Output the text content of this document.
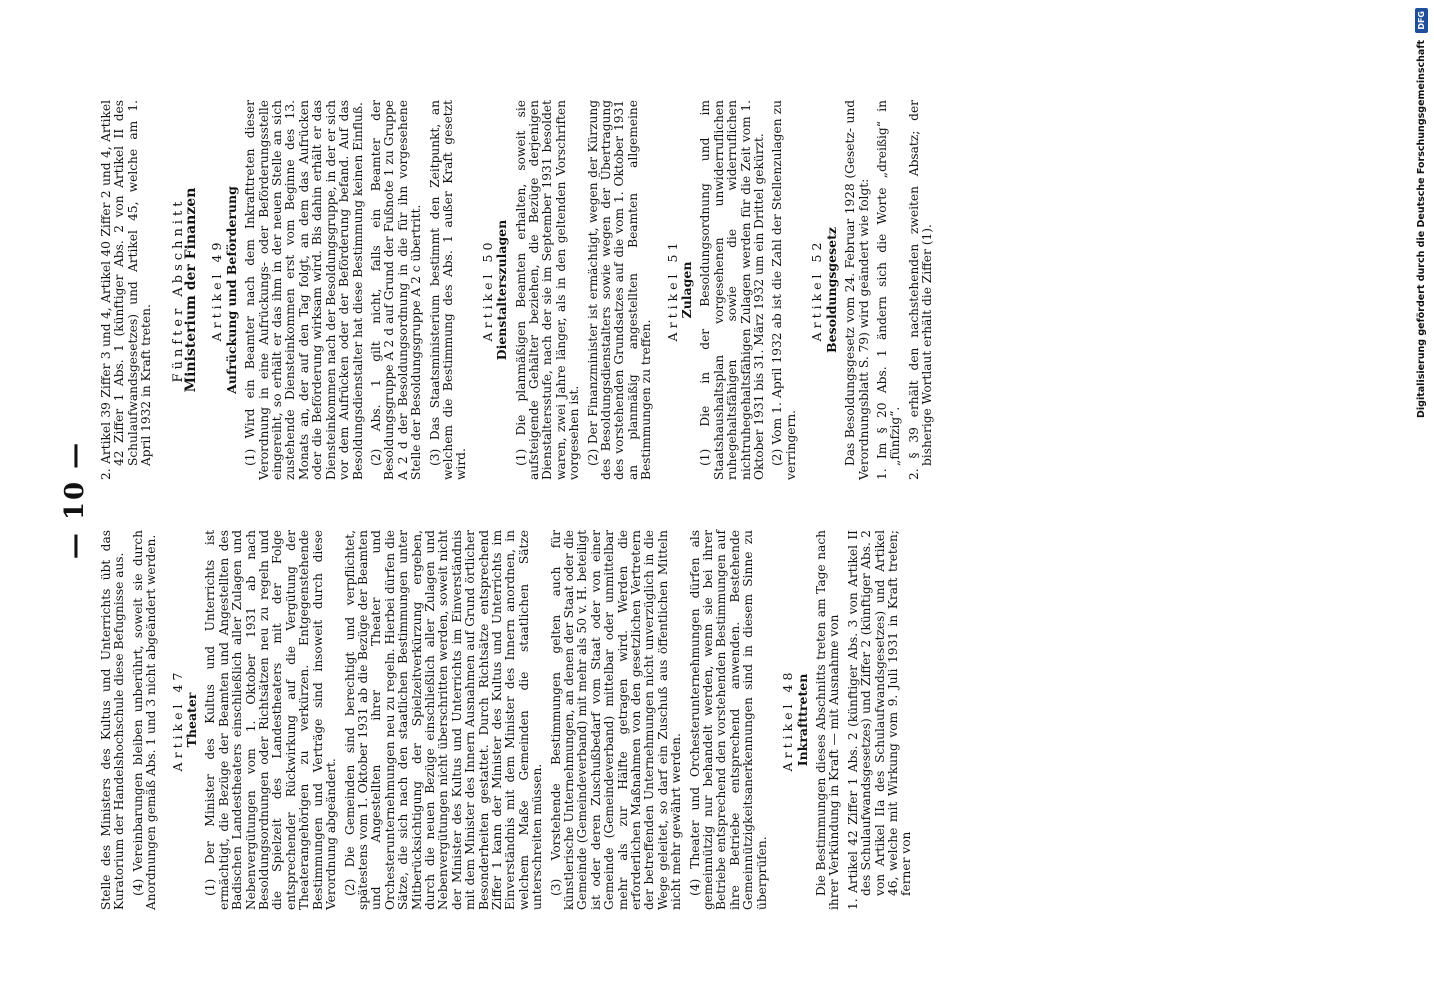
— 10 —

Stelle des Ministers des Kultus und Unterrichts übt das Kuratorium der Handelshochschule diese Befugnisse aus. (4) Vereinbarungen bleiben unberührt, soweit sie durch Anordnungen gemäß Abs. 1 und 3 nicht abgeändert werden. Artikel 47 Theater (1) Der Minister des Kultus und Unterrichts ist ermächtigt, die Bezüge der Beamten und Angestellten des Badischen Landestheaters einschließlich aller Zulagen und Nebenvergütungen vom 1. Oktober 1931 ab nach Besoldungsordnungen oder Richtsätzen neu zu regeln und die Spielzeit des Landestheaters mit der Folge entsprechender Rückwirkung auf die Vergütung der Theaterangehörigen zu verkürzen. Entgegenstehende Bestimmungen und Verträge sind insoweit durch diese Verordnung abgeändert. (2) Die Gemeinden sind berechtigt und verpflichtet, spätestens vom 1. Oktober 1931 ab die Bezüge der Beamten und Angestellten ihrer Theater und Orchesterunternehmungen neu zu regeln. Hierbei dürfen die Sätze, die sich nach den staatlichen Bestimmungen unter Mitberücksichtigung der Spielzeitverkürzung ergeben, durch die neuen Bezüge einschließlich aller Zulagen und Nebenvergütungen nicht überschritten werden, soweit nicht der Minister des Kultus und Unterrichts im Einverständnis mit dem Minister des Innern Ausnahmen auf Grund örtlicher Besonderheiten gestattet. Durch Richtsätze entsprechend Ziffer 1 kann der Minister des Kultus und Unterrichts im Einverständnis mit dem Minister des Innern anordnen, in welchem Maße Gemeinden die staatlichen Sätze unterschreiten müssen. (3) Vorstehende Bestimmungen gelten auch für künstlerische Unternehmungen, an denen der Staat oder die Gemeinde (Gemeindeverband) mit mehr als 50 v. H. beteiligt ist oder deren Zuschußbedarf vom Staat oder von einer Gemeinde (Gemeindeverband) mittelbar oder unmittelbar mehr als zur Hälfte getragen wird. Werden die erforderlichen Maßnahmen von den gesetzlichen Vertretern der betreffenden Unternehmungen nicht unverzüglich in die Wege geleitet, so darf ein Zuschuß aus öffentlichen Mitteln nicht mehr gewährt werden. (4) Theater und Orchesterunternehmungen dürfen als gemeinnützig nur behandelt werden, wenn sie bei ihrer Betriebe entsprechend den vorstehenden Bestimmungen auf ihre Betriebe entsprechend anwenden. Bestehende Gemeinnützigkeitsanerkennungen sind in diesem Sinne zu überprüfen.

Artikel 48 Inkrafttreten Die Bestimmungen dieses Abschnitts treten am Tage nach ihrer Verkündung in Kraft — mit Ausnahme von 1. Artikel 42 Ziffer 1 Abs. 2 (künftiger Abs. 3 von Artikel II des Schulaufwandsgesetzes) und Ziffer 2 (künftiger Abs. 2 von Artikel IIa des Schulaufwandsgesetzes) und Artikel 46, welche mit Wirkung vom 9. Juli 1931 in Kraft treten; ferner von

2. Artikel 39 Ziffer 3 und 4, Artikel 40 Ziffer 2 und 4, Artikel 42 Ziffer 1 Abs. 1 (künftiger Abs. 2 von Artikel II des Schulaufwandsgesetzes) und Artikel 45, welche am 1. April 1932 in Kraft treten.

Fünfter Abschnitt
Ministerium der Finanzen Artikel 49 Aufrückung und Beförderung (1) Wird ein Beamter nach dem Inkrafttreten dieser Verordnung in eine Aufrückungs- oder Beförderungsstelle eingereiht, so erhält er das ihm in der neuen Stelle an sich zustehende Diensteinkommen erst vom Beginne des 13. Monats an, der auf den Tag folgt, an dem das Aufrücken oder die Beförderung wirksam wird. Bis dahin erhält er das Diensteinkommen nach der Besoldungsgruppe, in der er sich vor dem Aufrücken oder der Beförderung befand. Auf das Besoldungsdienstalter hat diese Bestimmung keinen Einfluß. (2) Abs. 1 gilt nicht, falls ein Beamter der Besoldungsgruppe A 2 d auf Grund der Fußnote 1 zu Gruppe A 2 d der Besoldungsordnung in die für ihn vorgesehene Stelle der Besoldungsgruppe A 2 c übertritt. (3) Das Staatsministerium bestimmt den Zeitpunkt, an welchem die Bestimmung des Abs. 1 außer Kraft gesetzt wird.

Artikel 50 Dienstalterszulagen (1) Die planmäßigen Beamten erhalten, soweit sie aufsteigende Gehälter beziehen, die Bezüge derjenigen Dienstaltersstufe, nach der sie im September 1931 besoldet waren, zwei Jahre länger, als in den geltenden Vorschriften vorgesehen ist. (2) Der Finanzminister ist ermächtigt, wegen der Kürzung des Besoldungsdienstalters sowie wegen der Übertragung des vorstehenden Grundsatzes auf die vom 1. Oktober 1931 an planmäßig angestellten Beamten allgemeine Bestimmungen zu treffen.

Artikel 51 Zulagen (1) Die in der Besoldungsordnung und im Staatshaushaltsplan vorgesehenen unwiderruflichen ruhegehaltsfähigen sowie die widerruflichen nichtruhegehaltsfähigen Zulagen werden für die Zeit vom 1. Oktober 1931 bis 31. März 1932 um ein Drittel gekürzt. (2) Vom 1. April 1932 ab ist die Zahl der Stellenzulagen zu verringern.

Artikel 52 Besoldungsgesetz Das Besoldungsgesetz vom 24. Februar 1928 (Gesetz- und Verordnungsblatt S. 79) wird geändert wie folgt: 1. Im § 20 Abs. 1 ändern sich die Worte „dreißig“ in „fünfzig“. 2. § 39 erhält den nachstehenden zweiten Absatz; der bisherige Wortlaut erhält die Ziffer (1).	Digitalisierung gefördert durch die Deutsche Forschungsgemeinschaft DFG
